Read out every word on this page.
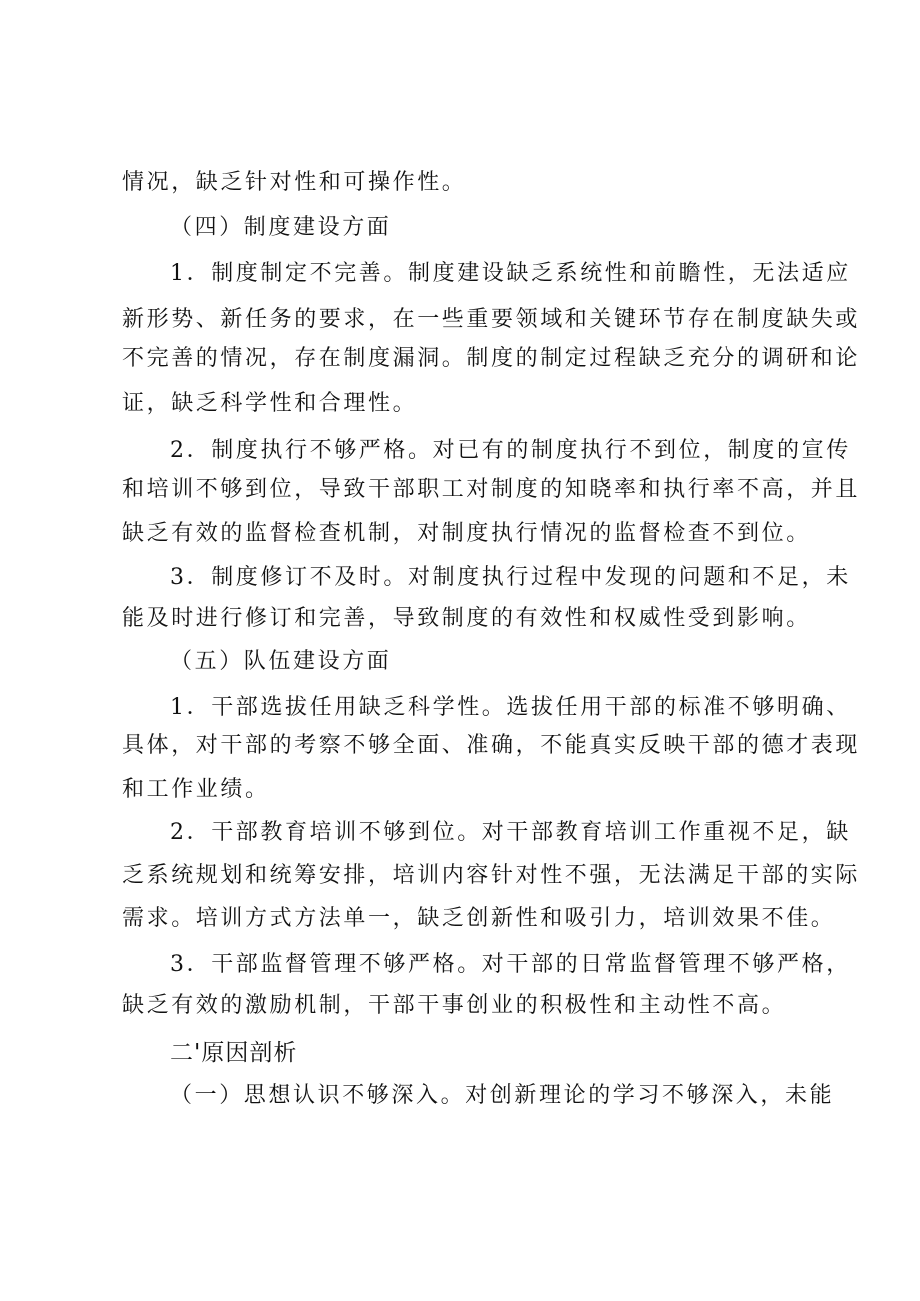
情况，缺乏针对性和可操作性。
（四）制度建设方面
1．制度制定不完善。制度建设缺乏系统性和前瞻性，无法适应
新形势、新任务的要求，在一些重要领域和关键环节存在制度缺失或
不完善的情况，存在制度漏洞。制度的制定过程缺乏充分的调研和论
证，缺乏科学性和合理性。
2．制度执行不够严格。对已有的制度执行不到位，制度的宣传
和培训不够到位，导致干部职工对制度的知晓率和执行率不高，并且
缺乏有效的监督检查机制，对制度执行情况的监督检查不到位。
3．制度修订不及时。对制度执行过程中发现的问题和不足，未
能及时进行修订和完善，导致制度的有效性和权威性受到影响。
（五）队伍建设方面
1．干部选拔任用缺乏科学性。选拔任用干部的标准不够明确、
具体，对干部的考察不够全面、准确，不能真实反映干部的德才表现
和工作业绩。
2．干部教育培训不够到位。对干部教育培训工作重视不足，缺
乏系统规划和统筹安排，培训内容针对性不强，无法满足干部的实际
需求。培训方式方法单一，缺乏创新性和吸引力，培训效果不佳。
3．干部监督管理不够严格。对干部的日常监督管理不够严格，
缺乏有效的激励机制，干部干事创业的积极性和主动性不高。
二'原因剖析
（一）思想认识不够深入。对创新理论的学习不够深入，未能
